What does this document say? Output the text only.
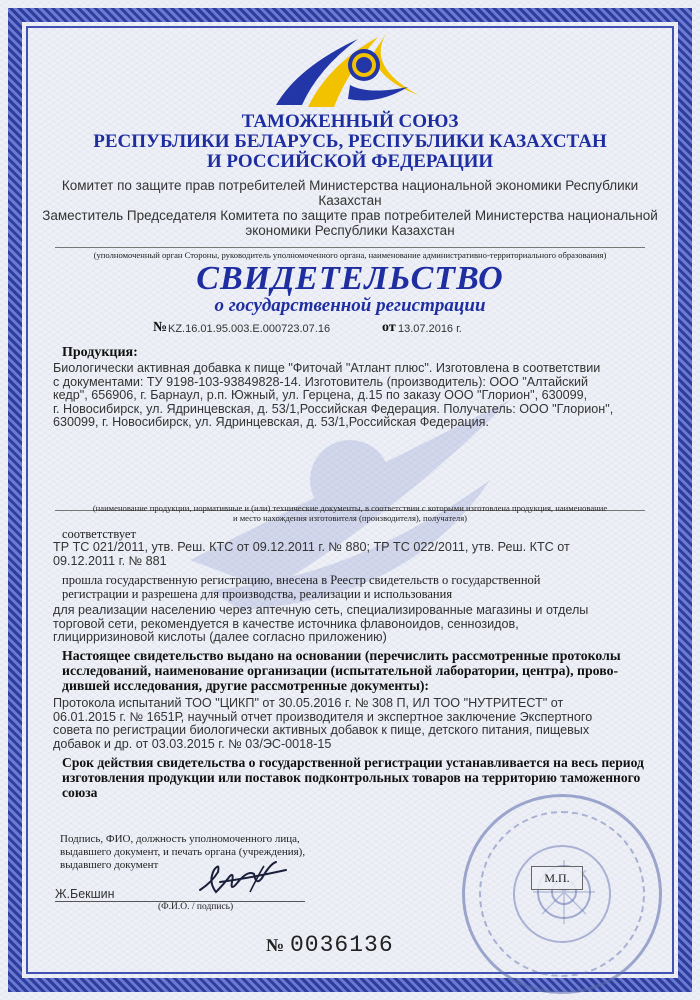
ТАМОЖЕННЫЙ СОЮЗ
РЕСПУБЛИКИ БЕЛАРУСЬ, РЕСПУБЛИКИ КАЗАХСТАН
И РОССИЙСКОЙ ФЕДЕРАЦИИ
Комитет по защите прав потребителей Министерства национальной экономики Республики
Казахстан
Заместитель Председателя Комитета по защите прав потребителей Министерства национальной
экономики Республики Казахстан
(уполномоченный орган Стороны, руководитель уполномоченного органа, наименование административно-территориального образования)
СВИДЕТЕЛЬСТВО
о государственной регистрации
№ KZ.16.01.95.003.E.000723.07.16	от 13.07.2016 г.
Продукция:
Биологически активная добавка к пище "Фиточай "Атлант плюс". Изготовлена в соответствии
с документами: ТУ 9198-103-93849828-14. Изготовитель (производитель): ООО "Алтайский
кедр", 656906, г. Барнаул, р.п. Южный, ул. Герцена, д.15 по заказу ООО "Глорион", 630099,
г. Новосибирск, ул. Ядринцевская, д. 53/1,Российская Федерация. Получатель: ООО "Глорион",
630099, г. Новосибирск, ул. Ядринцевская, д. 53/1,Российская Федерация.
(наименование продукции, нормативные и (или) технические документы, в соответствии с которыми изготовлена продукция, наименование
и место нахождения изготовителя (производителя), получателя)
соответствует
ТР ТС 021/2011, утв. Реш. КТС от 09.12.2011 г. № 880; ТР ТС 022/2011, утв. Реш. КТС от
09.12.2011 г. № 881
прошла государственную регистрацию, внесена в Реестр свидетельств о государственной
регистрации и разрешена для производства, реализации и использования
для реализации населению через аптечную сеть, специализированные магазины и отделы
торговой сети, рекомендуется в качестве источника флавоноидов, сеннозидов,
глицирризиновой кислоты (далее согласно приложению)
Настоящее свидетельство выдано на основании (перечислить рассмотренные протоколы
исследований, наименование организации (испытательной лаборатории, центра), прово-
дившей исследования, другие рассмотренные документы):
Протокола испытаний ТОО "ЦИКП" от 30.05.2016 г. № 308 П, ИЛ ТОО "НУТРИТЕСТ" от
06.01.2015 г. № 1651Р, научный отчет производителя и экспертное заключение Экспертного
совета по регистрации биологически активных добавок к пище, детского питания, пищевых
добавок и др. от 03.03.2015 г. № 03/ЭС-0018-15
Срок действия свидетельства о государственной регистрации устанавливается на весь период
изготовления продукции или поставок подконтрольных товаров на территорию таможенного
союза
Подпись, ФИО, должность уполномоченного лица,
выдавшего документ, и печать органа (учреждения),
выдавшего документ
Ж.Бекшин
(Ф.И.О. / подпись)
М.П.
№ 0036136
